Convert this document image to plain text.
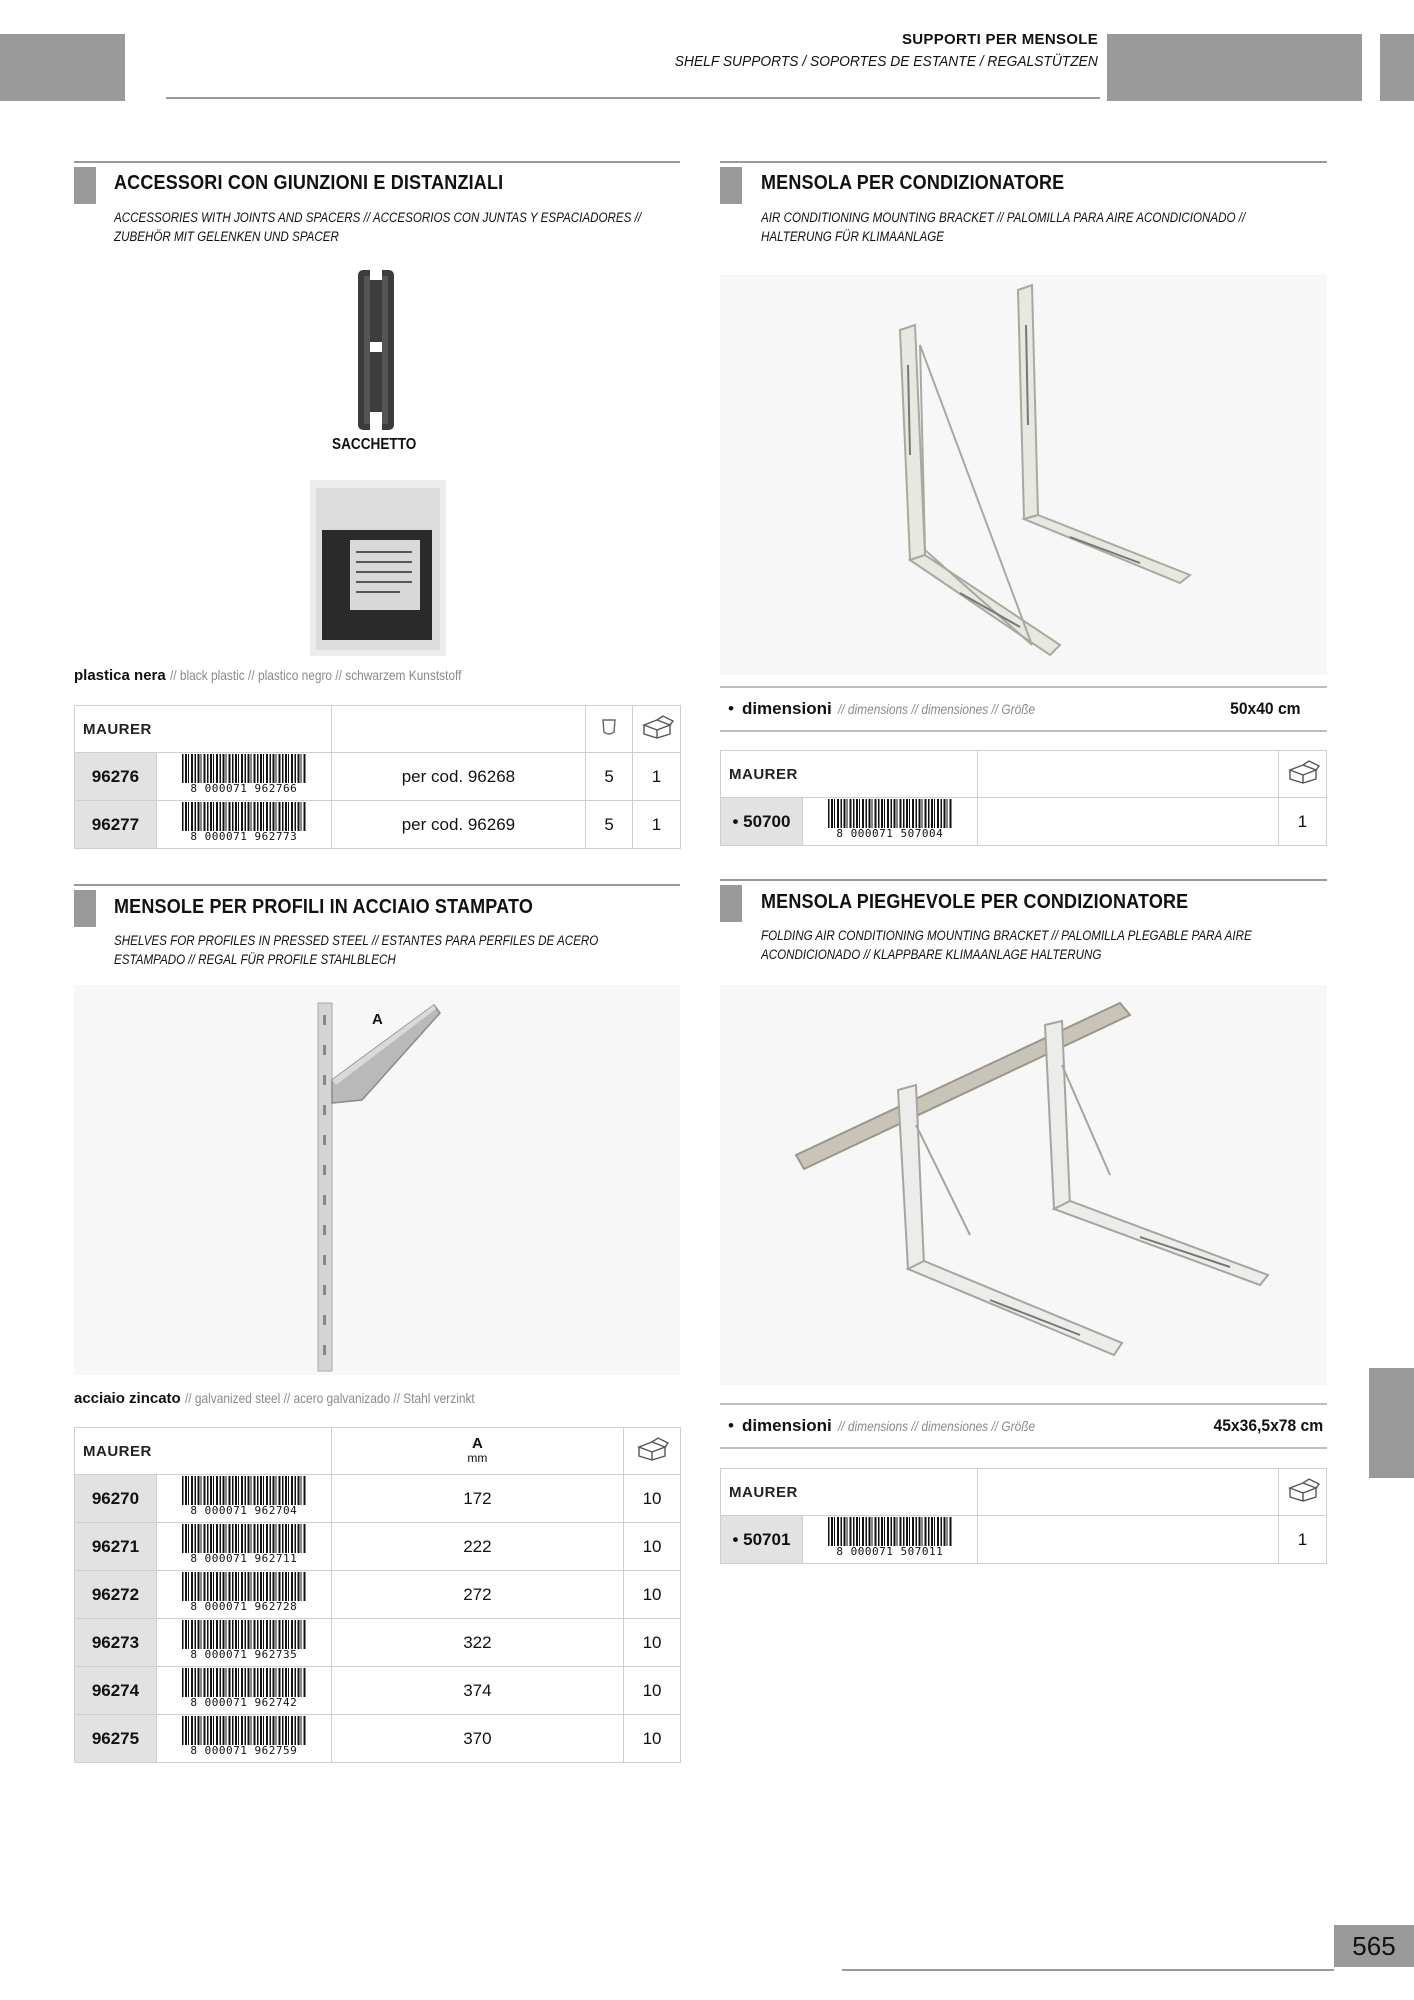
SUPPORTI PER MENSOLE
SHELF SUPPORTS / SOPORTES DE ESTANTE / REGALSTÜTZEN
ACCESSORI CON GIUNZIONI E DISTANZIALI
ACCESSORIES WITH JOINTS AND SPACERS // ACCESORIOS CON JUNTAS Y ESPACIADORES // ZUBEHÖR MIT GELENKEN UND SPACER
SACCHETTO
plastica nera // black plastic // plastico negro // schwarzem Kunststoff
MAURER			
96276	8 000071 962766	per cod. 96268	5	1
96277	8 000071 962773	per cod. 96269	5	1
MENSOLA PER CONDIZIONATORE
AIR CONDITIONING MOUNTING BRACKET // PALOMILLA PARA AIRE ACONDICIONADO // HALTERUNG FÜR KLIMAANLAGE
• dimensioni // dimensions // dimensiones // Größe	50x40 cm
MAURER		
• 50700	8 000071 507004		1
MENSOLE PER PROFILI IN ACCIAIO STAMPATO
SHELVES FOR PROFILES IN PRESSED STEEL // ESTANTES PARA PERFILES DE ACERO ESTAMPADO // REGAL FÜR PROFILE STAHLBLECH
A
acciaio zincato // galvanized steel // acero galvanizado // Stahl verzinkt
MAURER		A
mm

96270	8 000071 962704	172	10
96271	8 000071 962711	222	10
96272	8 000071 962728	272	10
96273	8 000071 962735	322	10
96274	8 000071 962742	374	10
96275	8 000071 962759	370	10
MENSOLA PIEGHEVOLE PER CONDIZIONATORE
FOLDING AIR CONDITIONING MOUNTING BRACKET // PALOMILLA PLEGABLE PARA AIRE ACONDICIONADO // KLAPPBARE KLIMAANLAGE HALTERUNG
• dimensioni // dimensions // dimensiones // Größe	45x36,5x78 cm
MAURER		
• 50701	8 000071 507011		1
565
